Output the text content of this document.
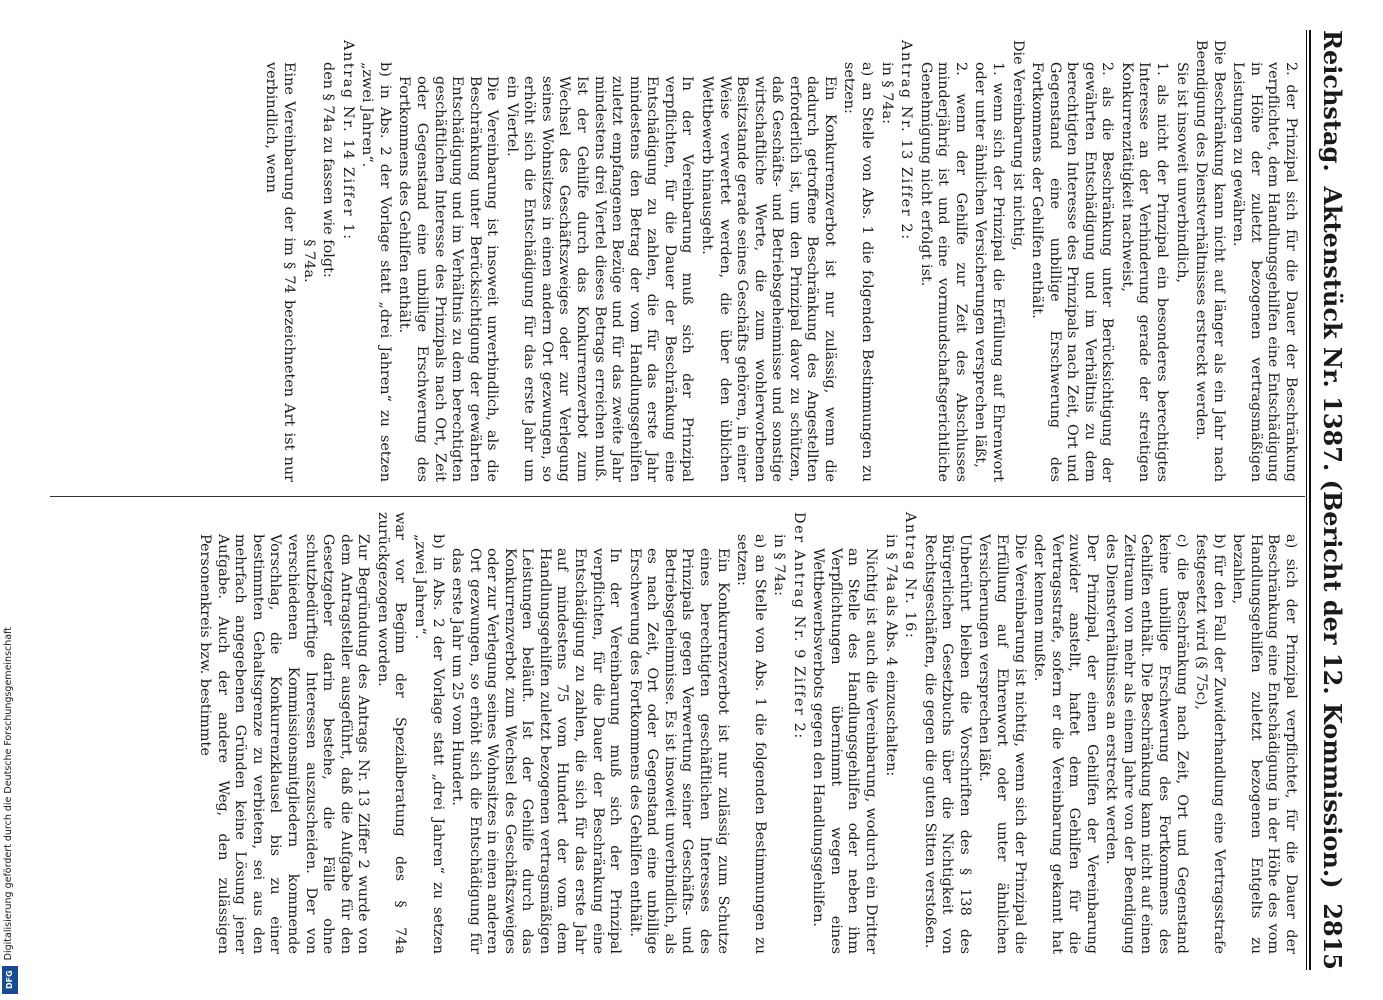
Reichstag.
Aktenstück Nr. 1387. (Bericht der 12. Kommission.)
2815

2. der Prinzipal sich für die Dauer der Beschränkung verpflichtet, dem Handlungsgehilfen eine Entschädigung in Höhe der zuletzt bezogenen vertragsmäßigen Leistungen zu gewähren.

Die Beschränkung kann nicht auf länger als ein Jahr nach Beendigung des Dienstverhältnisses erstreckt werden.

Sie ist insoweit unverbindlich,

1. als nicht der Prinzipal ein besonderes berechtigtes Interesse an der Verhinderung gerade der streitigen Konkurrenztätigkeit nachweist,

2. als die Beschränkung unter Berücksichtigung der gewährten Entschädigung und im Verhältnis zu dem berechtigten Interesse des Prinzipals nach Zeit, Ort und Gegenstand eine unbillige Erschwerung des Fortkommens der Gehilfen enthält.

Die Vereinbarung ist nichtig,

1. wenn sich der Prinzipal die Erfüllung auf Ehrenwort oder unter ähnlichen Versicherungen versprechen läßt,

2. wenn der Gehilfe zur Zeit des Abschlusses minderjährig ist und eine vormundschaftsgerichtliche Genehmigung nicht erfolgt ist.

Antrag Nr. 13 Ziffer 2:

in § 74a:

a) an Stelle von Abs. 1 die folgenden Bestimmungen zu setzen:

Ein Konkurrenzverbot ist nur zulässig, wenn die dadurch getroffene Beschränkung des Angestellten erforderlich ist, um den Prinzipal davor zu schützen, daß Geschäfts- und Betriebsgeheimnisse und sonstige wirtschaftliche Werte, die zum wohlerworbenen Besitzstande gerade seines Geschäfts gehören, in einer Weise verwertet werden, die über den üblichen Wettbewerb hinausgeht.

In der Vereinbarung muß sich der Prinzipal verpflichten, für die Dauer der Beschränkung eine Entschädigung zu zahlen, die für das erste Jahr mindestens den Betrag der vom Handlungsgehilfen zuletzt empfangenen Bezüge und für das zweite Jahr mindestens drei Viertel dieses Betrags erreichen muß. Ist der Gehilfe durch das Konkurrenzverbot zum Wechsel des Geschäftszweiges oder zur Verlegung seines Wohnsitzes in einen andern Ort gezwungen, so erhöht sich die Entschädigung für das erste Jahr um ein Viertel.

Die Vereinbarung ist insoweit unverbindlich, als die Beschränkung unter Berücksichtigung der gewährten Entschädigung und im Verhältnis zu dem berechtigten geschäftlichen Interesse des Prinzipals nach Ort, Zeit oder Gegenstand eine unbillige Erschwerung des Fortkommens des Gehilfen enthält.

b) in Abs. 2 der Vorlage statt „drei Jahren“ zu setzen „zwei Jahren“.

Antrag Nr. 14 Ziffer 1:

den § 74a zu fassen wie folgt:

§ 74a.

Eine Vereinbarung der im § 74 bezeichneten Art ist nur verbindlich, wenn

a) sich der Prinzipal verpflichtet, für die Dauer der Beschränkung eine Entschädigung in der Höhe des vom Handlungsgehilfen zuletzt bezogenen Entgelts zu bezahlen,

b) für den Fall der Zuwiderhandlung eine Vertragsstrafe festgesetzt wird (§ 75c),

c) die Beschränkung nach Zeit, Ort und Gegenstand keine unbillige Erschwerung des Fortkommens des Gehilfen enthält. Die Beschränkung kann nicht auf einen Zeitraum von mehr als einem Jahre von der Beendigung des Dienstverhältnisses an erstreckt werden.

Der Prinzipal, der einen Gehilfen der Vereinbarung zuwider anstellt, haftet dem Gehilfen für die Vertragsstrafe, sofern er die Vereinbarung gekannt hat oder kennen mußte.

Die Vereinbarung ist nichtig, wenn sich der Prinzipal die Erfüllung auf Ehrenwort oder unter ähnlichen Versicherungen versprechen läßt.

Unberührt bleiben die Vorschriften des § 138 des Bürgerlichen Gesetzbuchs über die Nichtigkeit von Rechtsgeschäften, die gegen die guten Sitten verstoßen.

Antrag Nr. 16:

in § 74a als Abs. 4 einzuschalten:

Nichtig ist auch die Vereinbarung, wodurch ein Dritter an Stelle des Handlungsgehilfen oder neben ihm Verpflichtungen übernimmt wegen eines Wettbewerbsverbots gegen den Handlungsgehilfen.

Der Antrag Nr. 9 Ziffer 2:

in § 74a:

a) an Stelle von Abs. 1 die folgenden Bestimmungen zu setzen:

Ein Konkurrenzverbot ist nur zulässig zum Schutze eines berechtigten geschäftlichen Interesses des Prinzipals gegen Verwertung seiner Geschäfts- und Betriebsgeheimnisse. Es ist insoweit unverbindlich, als es nach Zeit, Ort oder Gegenstand eine unbillige Erschwerung des Fortkommens des Gehilfen enthält.

In der Vereinbarung muß sich der Prinzipal verpflichten, für die Dauer der Beschränkung eine Entschädigung zu zahlen, die sich für das erste Jahr auf mindestens 75 vom Hundert der vom dem Handlungsgehilfen zuletzt bezogenen vertragsmäßigen Leistungen beläuft. Ist der Gehilfe durch das Konkurrenzverbot zum Wechsel des Geschäftszweiges oder zur Verlegung seines Wohnsitzes in einen anderen Ort gezwungen, so erhöht sich die Entschädigung für das erste Jahr um 25 vom Hundert.

b) in Abs. 2 der Vorlage statt „drei Jahren“ zu setzen „zwei Jahren“.

war vor Beginn der Spezialberatung des § 74a zurückgezogen worden.

Zur Begründung des Antrags Nr. 13 Ziffer 2 wurde von dem Antragsteller ausgeführt, daß die Aufgabe für den Gesetzgeber darin bestehe, die Fälle ohne schutzbedürftige Interessen auszuscheiden. Der von verschiedenen Kommissionsmitgliedern kommende Vorschlag, die Konkurrenzklausel bis zu einer bestimmten Gehaltsgrenze zu verbieten, sei aus den mehrfach angegebenen Gründen keine Lösung jener Aufgabe. Auch der andere Weg, den zulässigen Personenkreis bzw. bestimmte

Digitalisierung gefördert durch die Deutsche Forschungsgemeinschaft
DFG
